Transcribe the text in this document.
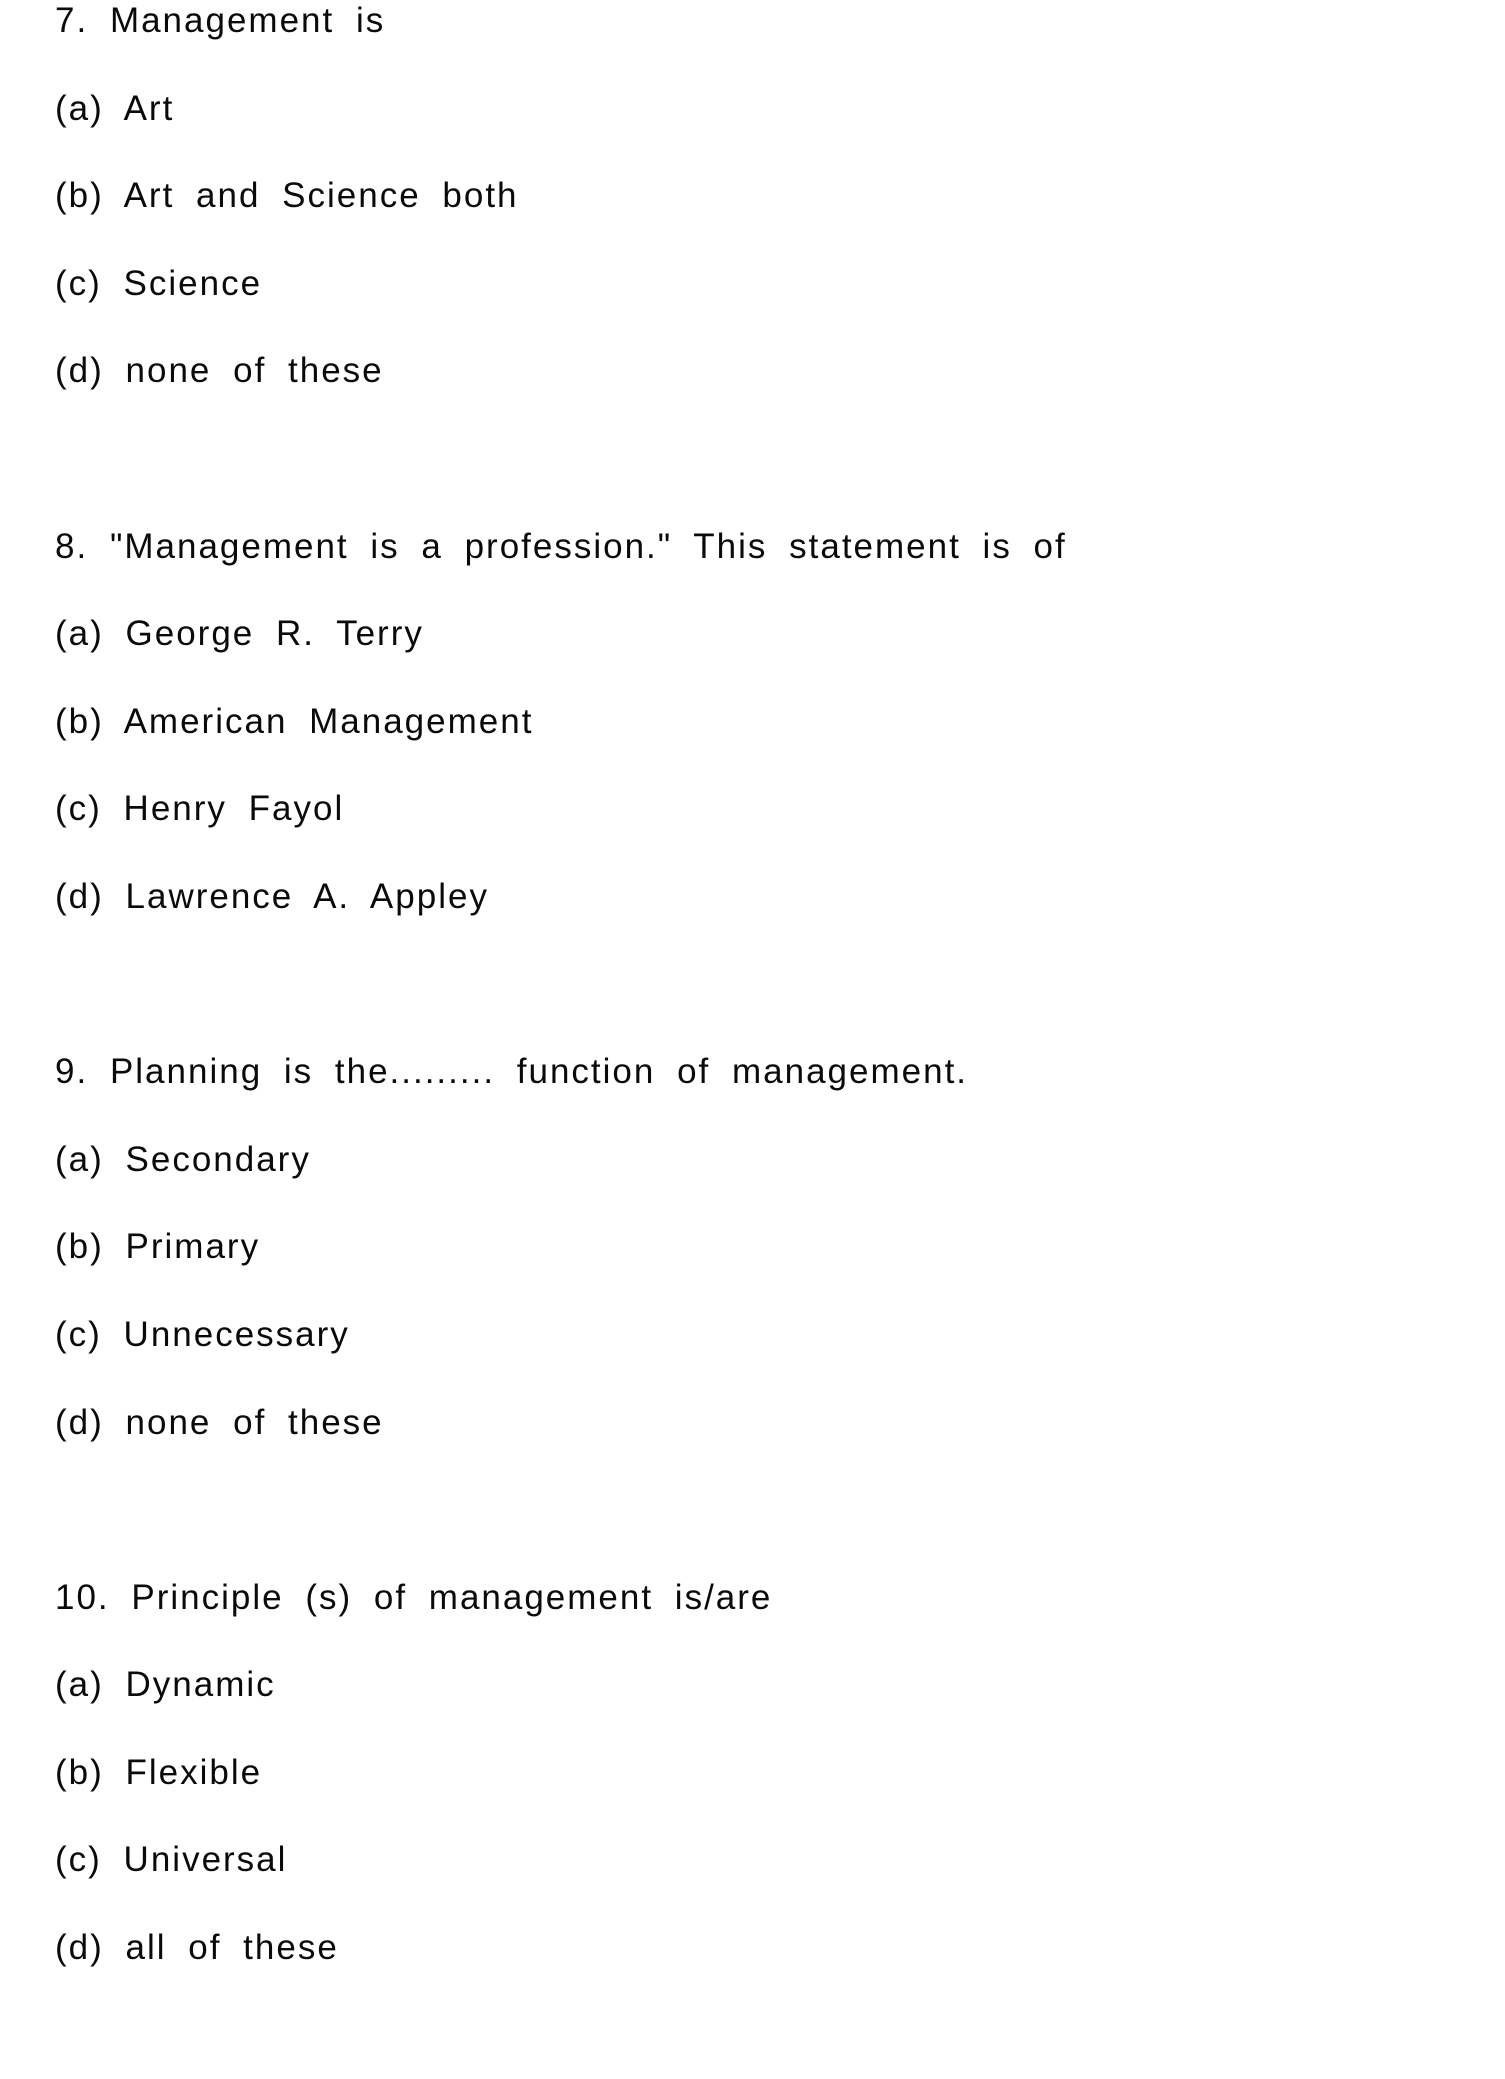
7. Management is
(a) Art
(b) Art and Science both
(c) Science
(d) none of these
8. "Management is a profession." This statement is of
(a) George R. Terry
(b) American Management
(c) Henry Fayol
(d) Lawrence A. Appley
9. Planning is the......... function of management.
(a) Secondary
(b) Primary
(c) Unnecessary
(d) none of these
10. Principle (s) of management is/are
(a) Dynamic
(b) Flexible
(c) Universal
(d) all of these
